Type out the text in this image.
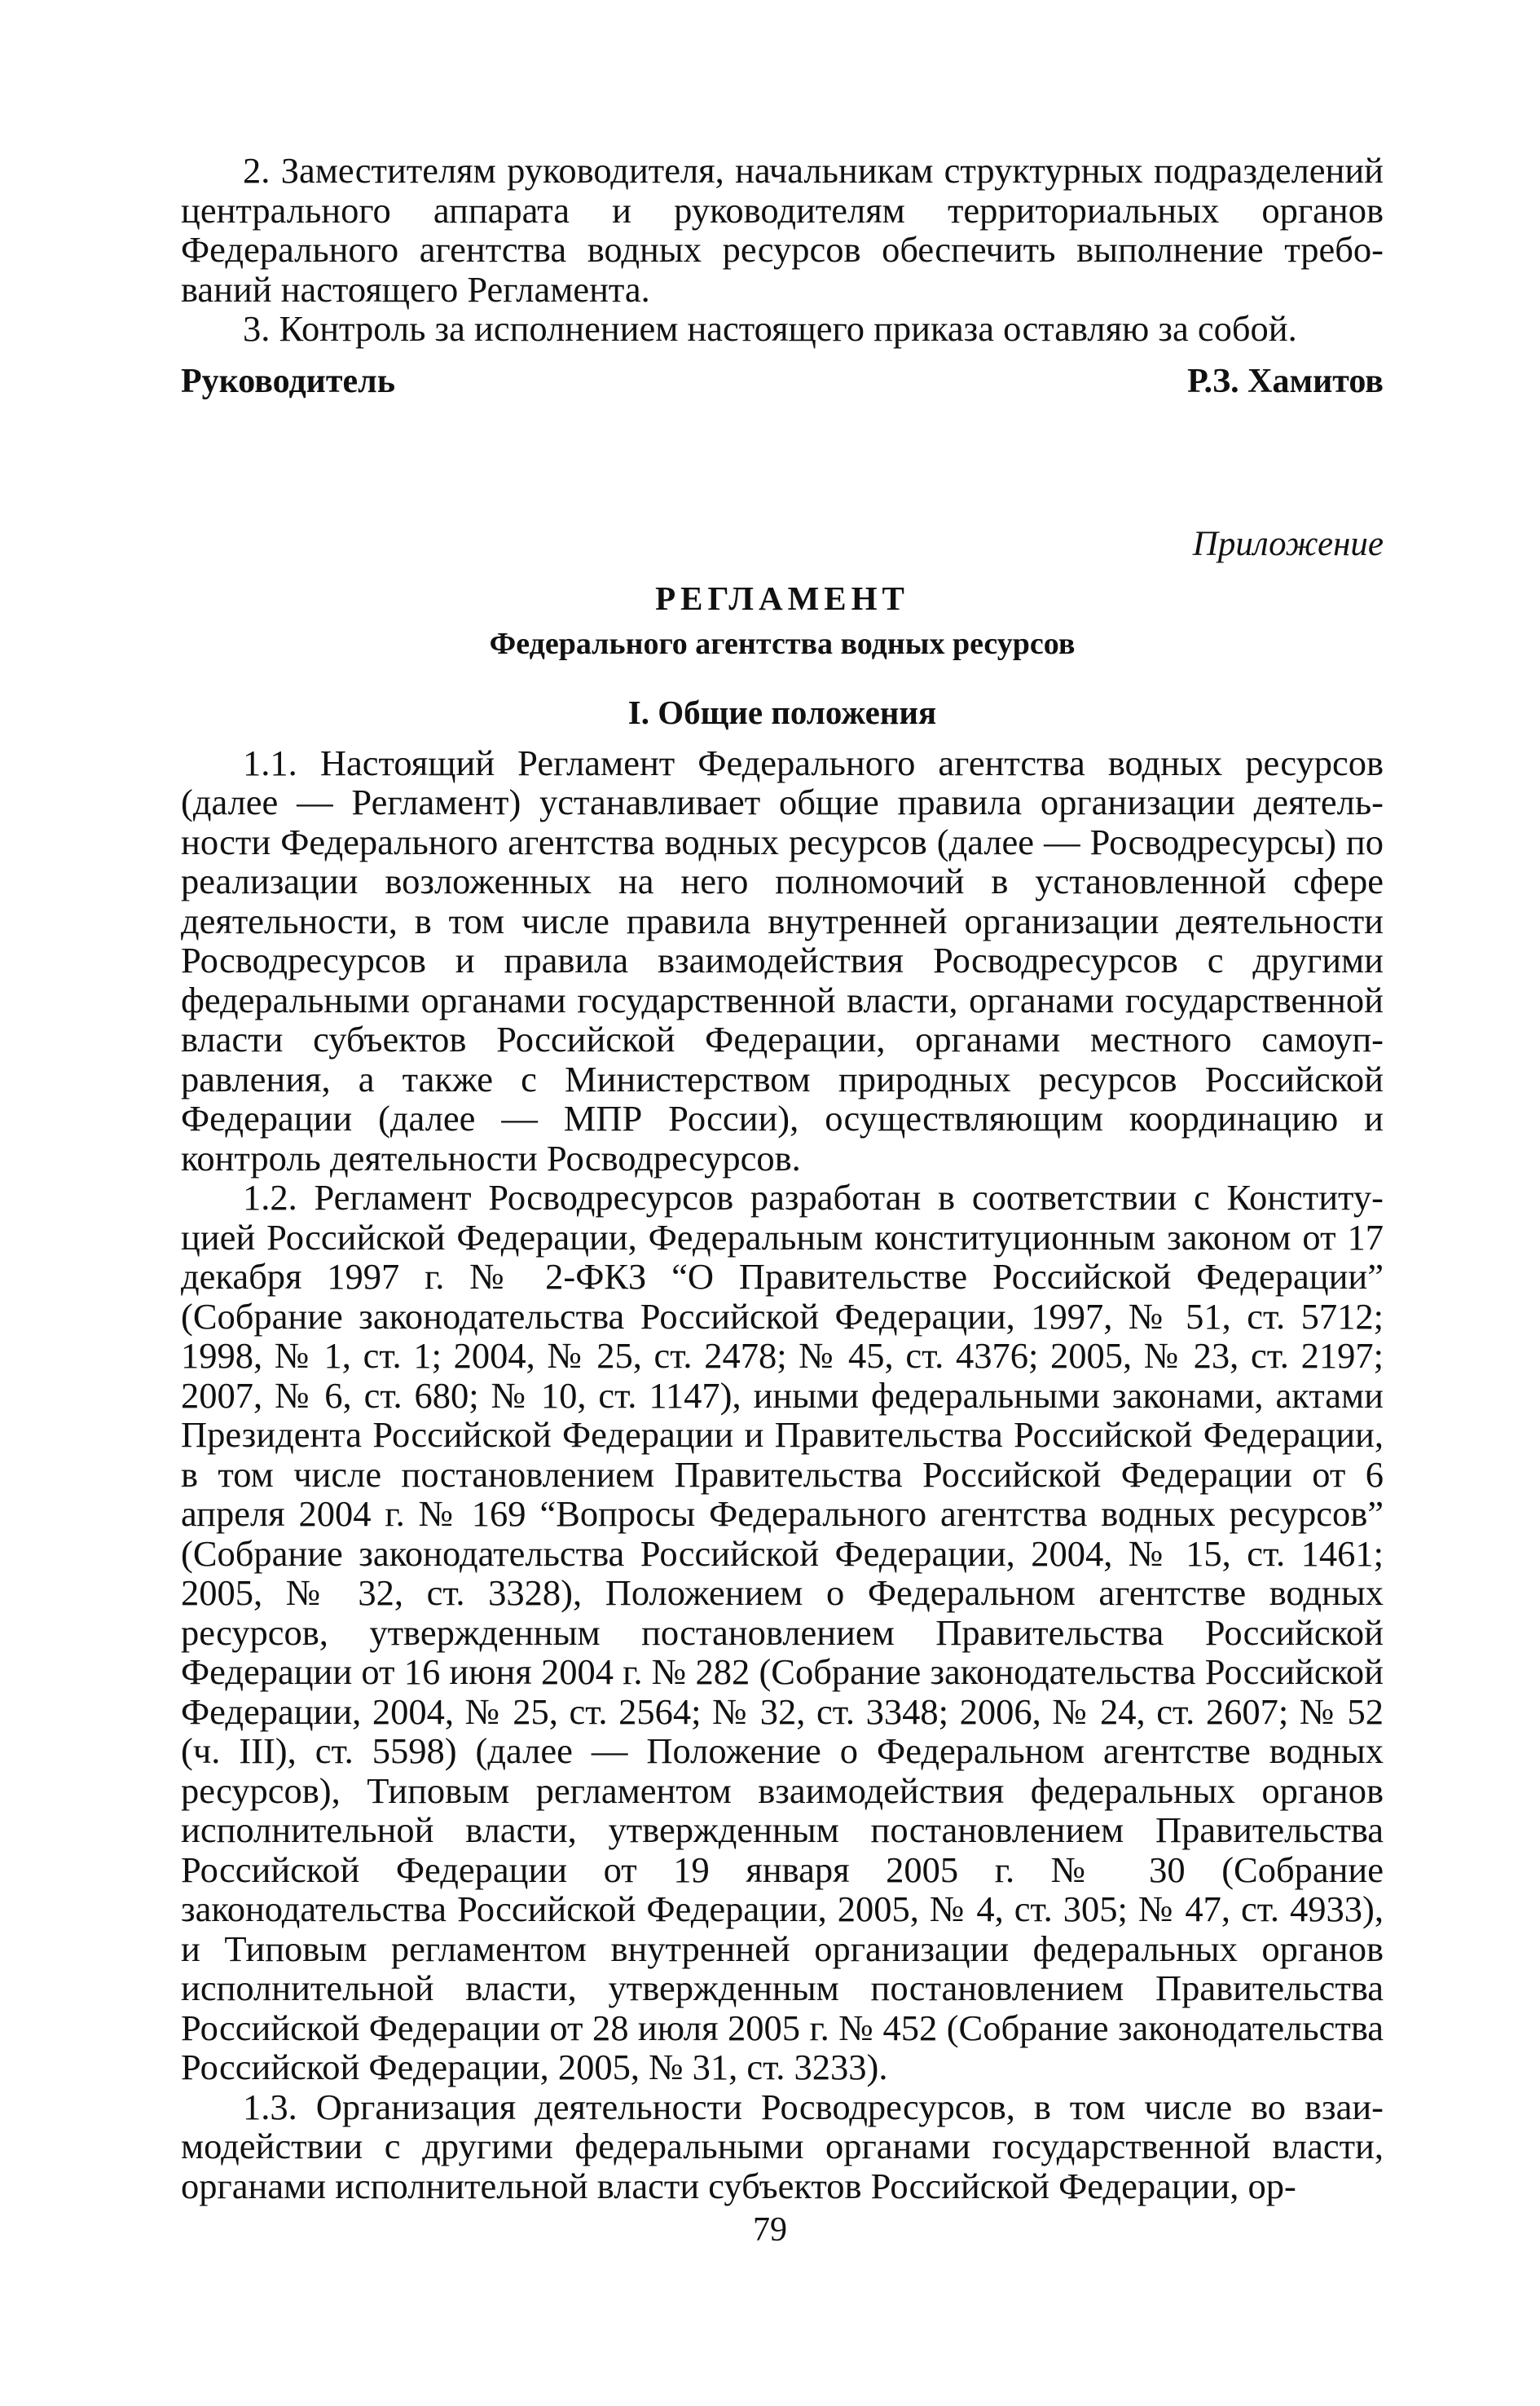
2. Заместителям руководителя, начальникам структурных подразделений центрального аппарата и руководителям территориальных органов Федерального агентства водных ресурсов обеспечить выполнение требований настоящего Регламента.

3. Контроль за исполнением настоящего приказа оставляю за собой.

Руководитель	Р.З. Хамитов
Приложение
РЕГЛАМЕНТ
Федерального агентства водных ресурсов
I. Общие положения

1.1. Настоящий Регламент Федерального агентства водных ресурсов (далее — Регламент) устанавливает общие правила организации деятельности Федерального агентства водных ресурсов (далее — Росводресурсы) по реализации возложенных на него полномочий в установленной сфере деятельности, в том числе правила внутренней организации деятельности Росводресурсов и правила взаимодействия Росводресурсов с другими федеральными органами государственной власти, органами государственной власти субъектов Российской Федерации, органами местного самоуправления, а также с Министерством природных ресурсов Российской Федерации (далее — МПР России), осуществляющим координацию и контроль деятельности Росводресурсов.

1.2. Регламент Росводресурсов разработан в соответствии с Конституцией Российской Федерации, Федеральным конституционным законом от 17 декабря 1997 г. № 2-ФКЗ “О Правительстве Российской Федерации” (Собрание законодательства Российской Федерации, 1997, № 51, ст. 5712; 1998, № 1, ст. 1; 2004, № 25, ст. 2478; № 45, ст. 4376; 2005, № 23, ст. 2197; 2007, № 6, ст. 680; № 10, ст. 1147), иными федеральными законами, актами Президента Российской Федерации и Правительства Российской Федерации, в том числе постановлением Правительства Российской Федерации от 6 апреля 2004 г. № 169 “Вопросы Федерального агентства водных ресурсов” (Собрание законодательства Российской Федерации, 2004, № 15, ст. 1461; 2005, № 32, ст. 3328), Положением о Федеральном агентстве водных ресурсов, утвержденным постановлением Правительства Российской Федерации от 16 июня 2004 г. № 282 (Собрание законодательства Российской Федерации, 2004, № 25, ст. 2564; № 32, ст. 3348; 2006, № 24, ст. 2607; № 52 (ч. III), ст. 5598) (далее — Положение о Федеральном агентстве водных ресурсов), Типовым регламентом взаимодействия федеральных органов исполнительной власти, утвержденным постановлением Правительства Российской Федерации от 19 января 2005 г. № 30 (Собрание законодательства Российской Федерации, 2005, № 4, ст. 305; № 47, ст. 4933), и Типовым регламентом внутренней организации федеральных органов исполнительной власти, утвержденным постановлением Правительства Российской Федерации от 28 июля 2005 г. № 452 (Собрание законодательства Российской Федерации, 2005, № 31, ст. 3233).

1.3. Организация деятельности Росводресурсов, в том числе во взаимодействии с другими федеральными органами государственной власти, органами исполнительной власти субъектов Российской Федерации, ор-

79
